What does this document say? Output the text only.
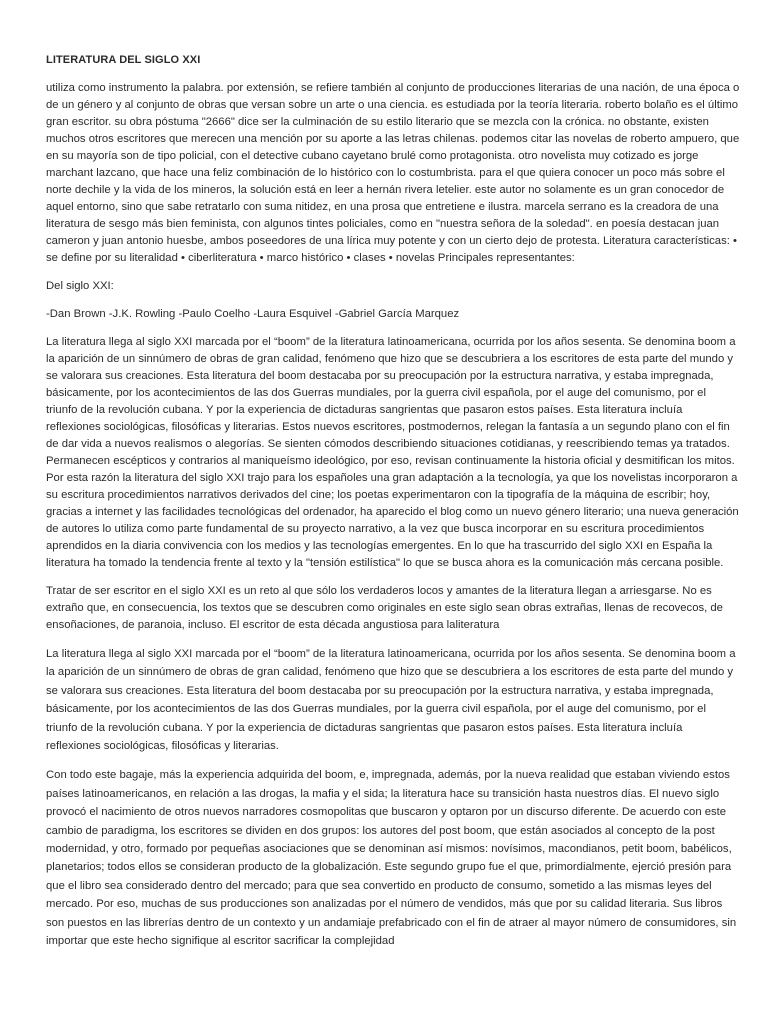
LITERATURA DEL SIGLO XXI

utiliza como instrumento la palabra. por extensión, se refiere también al conjunto de producciones literarias de una nación, de una época o de un género y al conjunto de obras que versan sobre un arte o una ciencia. es estudiada por la teoría literaria. roberto bolaño es el último gran escritor. su obra póstuma "2666" dice ser la culminación de su estilo literario que se mezcla con la crónica. no obstante, existen muchos otros escritores que merecen una mención por su aporte a las letras chilenas. podemos citar las novelas de roberto ampuero, que en su mayoría son de tipo policial, con el detective cubano cayetano brulé como protagonista. otro novelista muy cotizado es jorge marchant lazcano, que hace una feliz combinación de lo histórico con lo costumbrista. para el que quiera conocer un poco más sobre el norte dechile y la vida de los mineros, la solución está en leer a hernán rivera letelier. este autor no solamente es un gran conocedor de aquel entorno, sino que sabe retratarlo con suma nitidez, en una prosa que entretiene e ilustra. marcela serrano es la creadora de una literatura de sesgo más bien feminista, con algunos tintes policiales, como en "nuestra señora de la soledad". en poesía destacan juan cameron y juan antonio huesbe, ambos poseedores de una lírica muy potente y con un cierto dejo de protesta. Literatura características: • se define por su literalidad • ciberliteratura • marco histórico • clases • novelas Principales representantes:

Del siglo XXI:

-Dan Brown -J.K. Rowling -Paulo Coelho -Laura Esquivel -Gabriel García Marquez

La literatura llega al siglo XXI marcada por el “boom” de la literatura latinoamericana, ocurrida por los años sesenta. Se denomina boom a la aparición de un sinnúmero de obras de gran calidad, fenómeno que hizo que se descubriera a los escritores de esta parte del mundo y se valorara sus creaciones. Esta literatura del boom destacaba por su preocupación por la estructura narrativa, y estaba impregnada, básicamente, por los acontecimientos de las dos Guerras mundiales, por la guerra civil española, por el auge del comunismo, por el triunfo de la revolución cubana. Y por la experiencia de dictaduras sangrientas que pasaron estos países. Esta literatura incluía reflexiones sociológicas, filosóficas y literarias. Estos nuevos escritores, postmodernos, relegan la fantasía a un segundo plano con el fin de dar vida a nuevos realismos o alegorías. Se sienten cómodos describiendo situaciones cotidianas, y reescribiendo temas ya tratados. Permanecen escépticos y contrarios al maniqueísmo ideológico, por eso, revisan continuamente la historia oficial y desmitifican los mitos. Por esta razón la literatura del siglo XXI trajo para los españoles una gran adaptación a la tecnología, ya que los novelistas incorporaron a su escritura procedimientos narrativos derivados del cine; los poetas experimentaron con la tipografía de la máquina de escribir; hoy, gracias a internet y las facilidades tecnológicas del ordenador, ha aparecido el blog como un nuevo género literario; una nueva generación de autores lo utiliza como parte fundamental de su proyecto narrativo, a la vez que busca incorporar en su escritura procedimientos aprendidos en la diaria convivencia con los medios y las tecnologías emergentes. En lo que ha trascurrido del siglo XXI en España la literatura ha tomado la tendencia frente al texto y la "tensión estilística" lo que se busca ahora es la comunicación más cercana posible.

Tratar de ser escritor en el siglo XXI es un reto al que sólo los verdaderos locos y amantes de la literatura llegan a arriesgarse. No es extraño que, en consecuencia, los textos que se descubren como originales en este siglo sean obras extrañas, llenas de recovecos, de ensoñaciones, de paranoia, incluso. El escritor de esta década angustiosa para laliteratura

La literatura llega al siglo XXI marcada por el “boom” de la literatura latinoamericana, ocurrida por los años sesenta. Se denomina boom a la aparición de un sinnúmero de obras de gran calidad, fenómeno que hizo que se descubriera a los escritores de esta parte del mundo y se valorara sus creaciones. Esta literatura del boom destacaba por su preocupación por la estructura narrativa, y estaba impregnada, básicamente, por los acontecimientos de las dos Guerras mundiales, por la guerra civil española, por el auge del comunismo, por el triunfo de la revolución cubana. Y por la experiencia de dictaduras sangrientas que pasaron estos países. Esta literatura incluía reflexiones sociológicas, filosóficas y literarias.

Con todo este bagaje, más la experiencia adquirida del boom, e, impregnada, además, por la nueva realidad que estaban viviendo estos países latinoamericanos, en relación a las drogas, la mafia y el sida; la literatura hace su transición hasta nuestros días. El nuevo siglo provocó el nacimiento de otros nuevos narradores cosmopolitas que buscaron y optaron por un discurso diferente. De acuerdo con este cambio de paradigma, los escritores se dividen en dos grupos: los autores del post boom, que están asociados al concepto de la post modernidad, y otro, formado por pequeñas asociaciones que se denominan así mismos: novísimos, macondianos, petit boom, babélicos, planetarios; todos ellos se consideran producto de la globalización. Este segundo grupo fue el que, primordialmente, ejerció presión para que el libro sea considerado dentro del mercado; para que sea convertido en producto de consumo, sometido a las mismas leyes del mercado. Por eso, muchas de sus producciones son analizadas por el número de vendidos, más que por su calidad literaria. Sus libros son puestos en las librerías dentro de un contexto y un andamiaje prefabricado con el fin de atraer al mayor número de consumidores, sin importar que este hecho signifique al escritor sacrificar la complejidad
